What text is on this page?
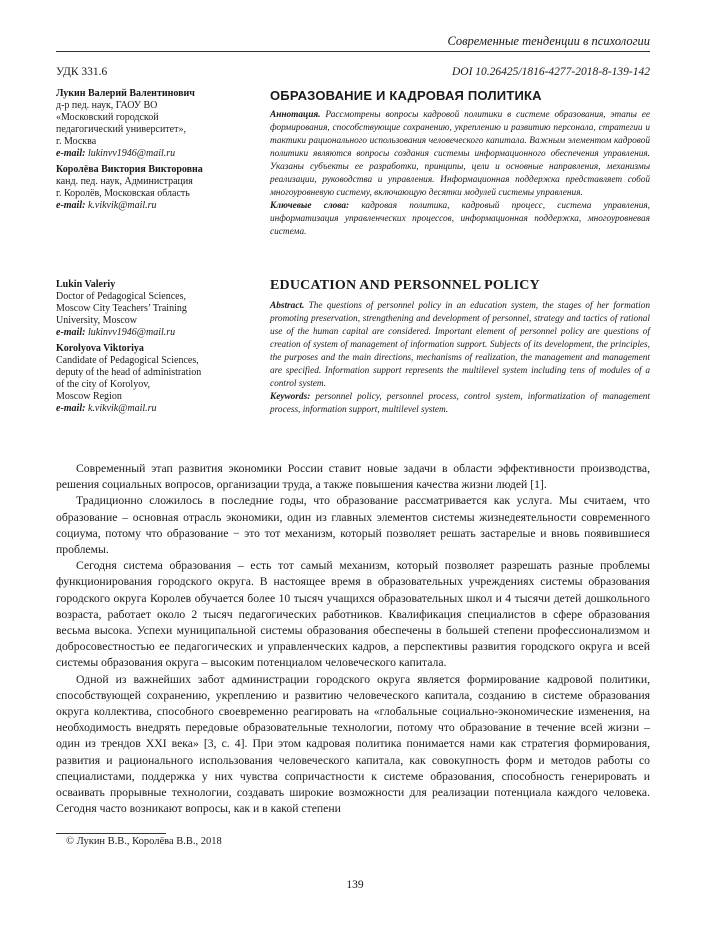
Современные тенденции в психологии
УДК 331.6	DOI 10.26425/1816-4277-2018-8-139-142
Лукин Валерий Валентинович
д-р пед. наук, ГАОУ ВО
«Московский городской
педагогический университет»,
г. Москва
e-mail: lukinvv1946@mail.ru
Королёва Виктория Викторовна
канд. пед. наук, Администрация
г. Королёв, Московская область
e-mail: k.vikvik@mail.ru
ОБРАЗОВАНИЕ И КАДРОВАЯ ПОЛИТИКА

Аннотация. Рассмотрены вопросы кадровой политики в системе образования, этапы ее формирования, способствующие сохранению, укреплению и развитию персонала, стратегии и тактики рационального использования человеческого капитала. Важным элементом кадровой политики являются вопросы создания системы информационного обеспечения управления. Указаны субъекты ее разработки, принципы, цели и основные направления, механизмы реализации, руководства и управления. Информационная поддержка представляет собой многоуровневую систему, включающую десятки модулей системы управления.

Ключевые слова: кадровая политика, кадровый процесс, система управления, информатизация управленческих процессов, информационная поддержка, многоуровневая система.

Lukin Valeriy
Doctor of Pedagogical Sciences,
Moscow City Teachers’ Training
University, Moscow
e-mail: lukinvv1946@mail.ru
Korolyova Viktoriya
Candidate of Pedagogical Sciences,
deputy of the head of administration
of the city of Korolyov,
Moscow Region
e-mail: k.vikvik@mail.ru
EDUCATION AND PERSONNEL POLICY

Abstract. The questions of personnel policy in an education system, the stages of her formation promoting preservation, strengthening and development of personnel, strategy and tactics of rational use of the human capital are considered. Important element of personnel policy are questions of creation of system of management of information support. Subjects of its development, the principles, the purposes and the main directions, mechanisms of realization, the management and management are specified. Information support represents the multilevel system including tens of modules of a control system.

Keywords: personnel policy, personnel process, control system, informatization of management process, information support, multilevel system.

Современный этап развития экономики России ставит новые задачи в области эффективности производства, решения социальных вопросов, организации труда, а также повышения качества жизни людей [1].

Традиционно сложилось в последние годы, что образование рассматривается как услуга. Мы считаем, что образование – основная отрасль экономики, один из главных элементов системы жизнедеятельности современного социума, потому что образование − это тот механизм, который позволяет решать застарелые и вновь появившиеся проблемы.

Сегодня система образования – есть тот самый механизм, который позволяет разрешать разные проблемы функционирования городского округа. В настоящее время в образовательных учреждениях системы образования городского округа Королев обучается более 10 тысяч учащихся образовательных школ и 4 тысячи детей дошкольного возраста, работает около 2 тысяч педагогических работников. Квалификация специалистов в сфере образования весьма высока. Успехи муниципальной системы образования обеспечены в большей степени профессионализмом и добросовестностью ее педагогических и управленческих кадров, а перспективы развития городского округа и всей системы образования округа – высоким потенциалом человеческого капитала.

Одной из важнейших забот администрации городского округа является формирование кадровой политики, способствующей сохранению, укреплению и развитию человеческого капитала, созданию в системе образования округа коллектива, способного своевременно реагировать на «глобальные социально-экономические изменения, на необходимость внедрять передовые образовательные технологии, потому что образование в течение всей жизни – один из трендов XXI века» [3, с. 4]. При этом кадровая политика понимается нами как стратегия формирования, развития и рационального использования человеческого капитала, как совокупность форм и методов работы со специалистами, поддержка у них чувства сопричастности к системе образования, способность генерировать и осваивать прорывные технологии, создавать широкие возможности для реализации потенциала каждого человека. Сегодня часто возникают вопросы, как и в какой степени

© Лукин В.В., Королёва В.В., 2018
139
